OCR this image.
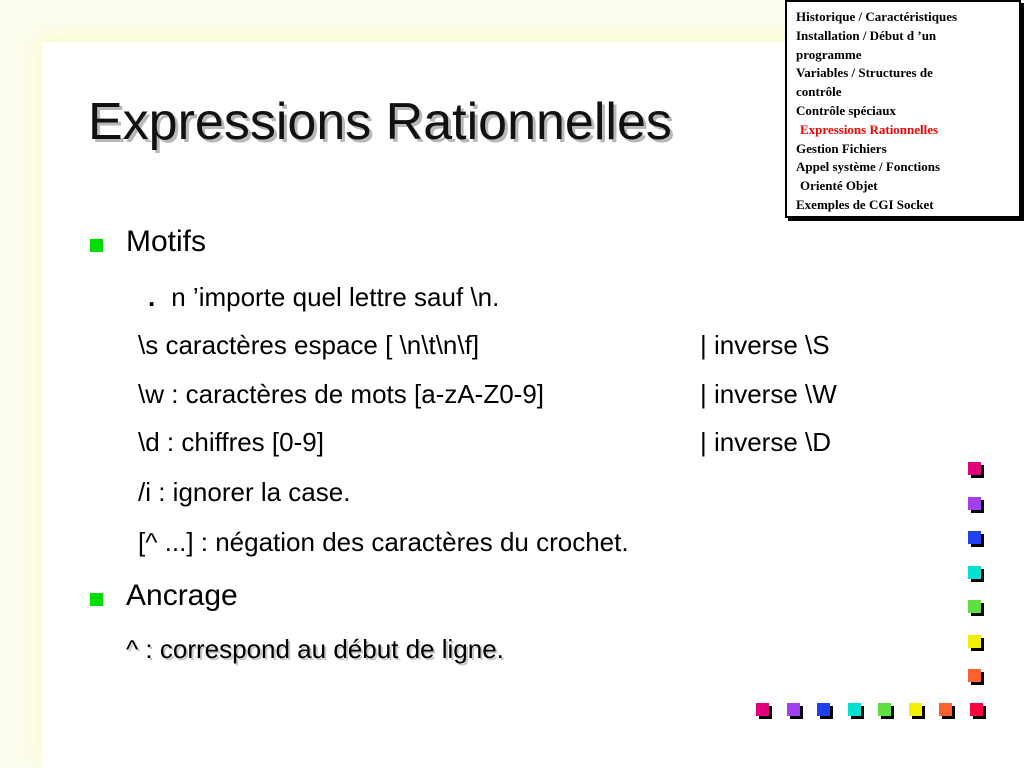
Expressions Rationnelles
Historique / Caractéristiques
Installation / Début d ’un
programme
Variables / Structures de
contrôle
Contrôle spéciaux
Expressions Rationnelles
Gestion Fichiers
Appel système / Fonctions
Orienté Objet
Exemples de CGI Socket
Motifs
. n ’importe quel lettre sauf \n.
\s caractères espace [ \n\t\n\f]	| inverse \S
\w : caractères de mots [a-zA-Z0-9]	| inverse \W
\d : chiffres [0-9]	| inverse \D
/i : ignorer la case.
[^ ...] : négation des caractères du crochet.
Ancrage
^ : correspond au début de ligne.
